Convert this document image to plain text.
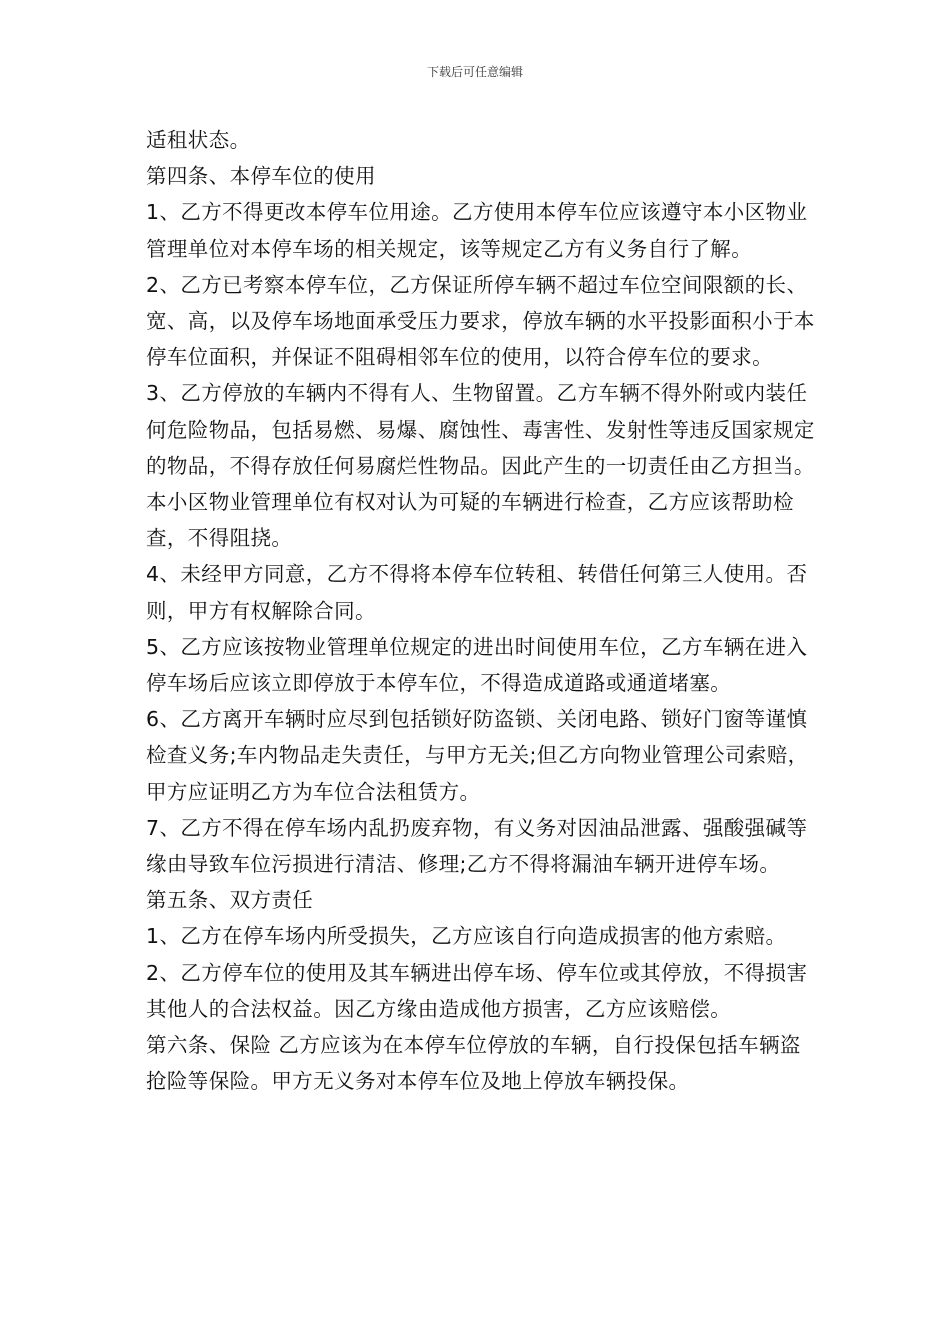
下载后可任意编辑

适租状态。

第四条、本停车位的使用

1、乙方不得更改本停车位用途。乙方使用本停车位应该遵守本小区物业管理单位对本停车场的相关规定，该等规定乙方有义务自行了解。

2、乙方已考察本停车位，乙方保证所停车辆不超过车位空间限额的长、宽、高，以及停车场地面承受压力要求，停放车辆的水平投影面积小于本停车位面积，并保证不阻碍相邻车位的使用，以符合停车位的要求。

3、乙方停放的车辆内不得有人、生物留置。乙方车辆不得外附或内装任何危险物品，包括易燃、易爆、腐蚀性、毒害性、发射性等违反国家规定的物品，不得存放任何易腐烂性物品。因此产生的一切责任由乙方担当。本小区物业管理单位有权对认为可疑的车辆进行检查，乙方应该帮助检查，不得阻挠。

4、未经甲方同意，乙方不得将本停车位转租、转借任何第三人使用。否则，甲方有权解除合同。

5、乙方应该按物业管理单位规定的进出时间使用车位，乙方车辆在进入停车场后应该立即停放于本停车位，不得造成道路或通道堵塞。

6、乙方离开车辆时应尽到包括锁好防盗锁、关闭电路、锁好门窗等谨慎检查义务;车内物品走失责任，与甲方无关;但乙方向物业管理公司索赔，甲方应证明乙方为车位合法租赁方。

7、乙方不得在停车场内乱扔废弃物，有义务对因油品泄露、强酸强碱等缘由导致车位污损进行清洁、修理;乙方不得将漏油车辆开进停车场。

第五条、双方责任

1、乙方在停车场内所受损失，乙方应该自行向造成损害的他方索赔。

2、乙方停车位的使用及其车辆进出停车场、停车位或其停放，不得损害其他人的合法权益。因乙方缘由造成他方损害，乙方应该赔偿。

第六条、保险 乙方应该为在本停车位停放的车辆，自行投保包括车辆盗抢险等保险。甲方无义务对本停车位及地上停放车辆投保。
